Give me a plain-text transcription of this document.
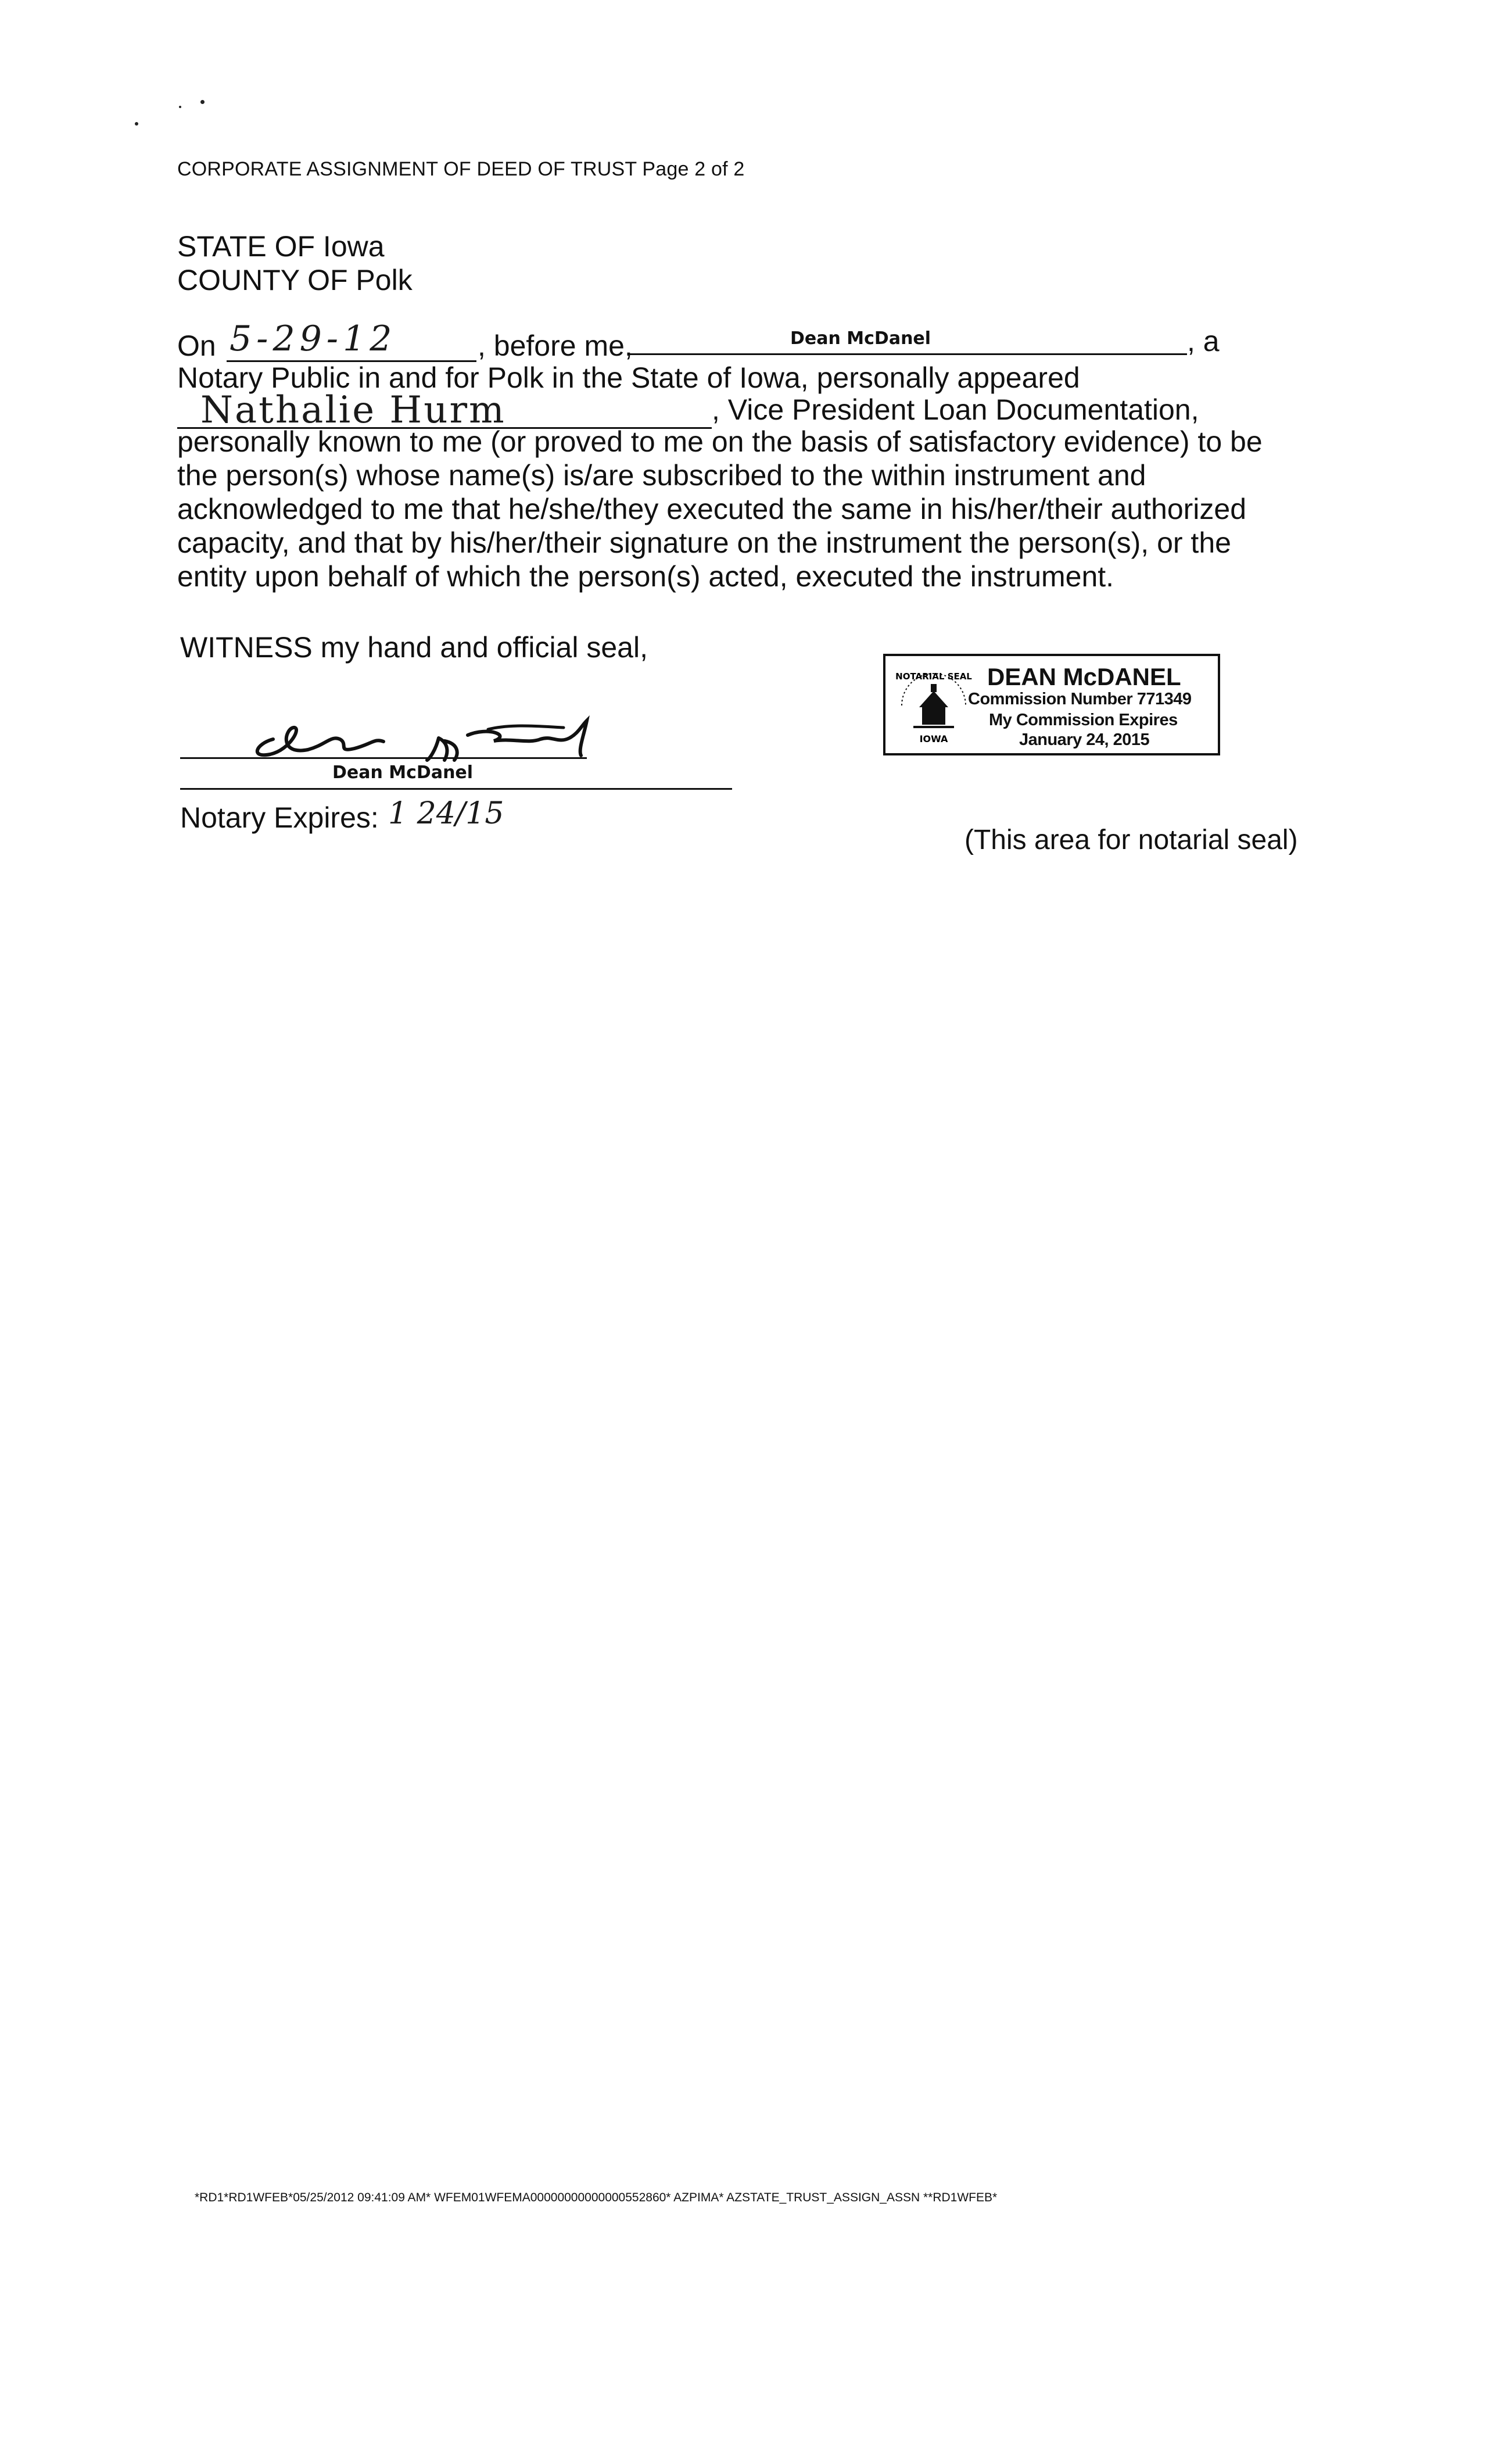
CORPORATE ASSIGNMENT OF DEED OF TRUST Page 2 of 2
STATE OF Iowa
COUNTY OF Polk
On 5-29-12	, before me,	Dean McDanel	, a
Notary Public in and for Polk in the State of Iowa, personally appeared
Nathalie Hurm	, Vice President Loan Documentation,
personally known to me (or proved to me on the basis of satisfactory evidence) to be
the person(s) whose name(s) is/are subscribed to the within instrument and
acknowledged to me that he/she/they executed the same in his/her/their authorized
capacity, and that by his/her/their signature on the instrument the person(s), or the
entity upon behalf of which the person(s) acted, executed the instrument.
WITNESS my hand and official seal,
Dean McDanel
Notary Expires: 1 24/15
NOTARIAL SEAL
IOWA
DEAN McDANEL
Commission Number 771349
My Commission Expires
January 24, 2015
(This area for notarial seal)
*RD1*RD1WFEB*05/25/2012 09:41:09 AM* WFEM01WFEMA00000000000000552860* AZPIMA* AZSTATE_TRUST_ASSIGN_ASSN **RD1WFEB*
